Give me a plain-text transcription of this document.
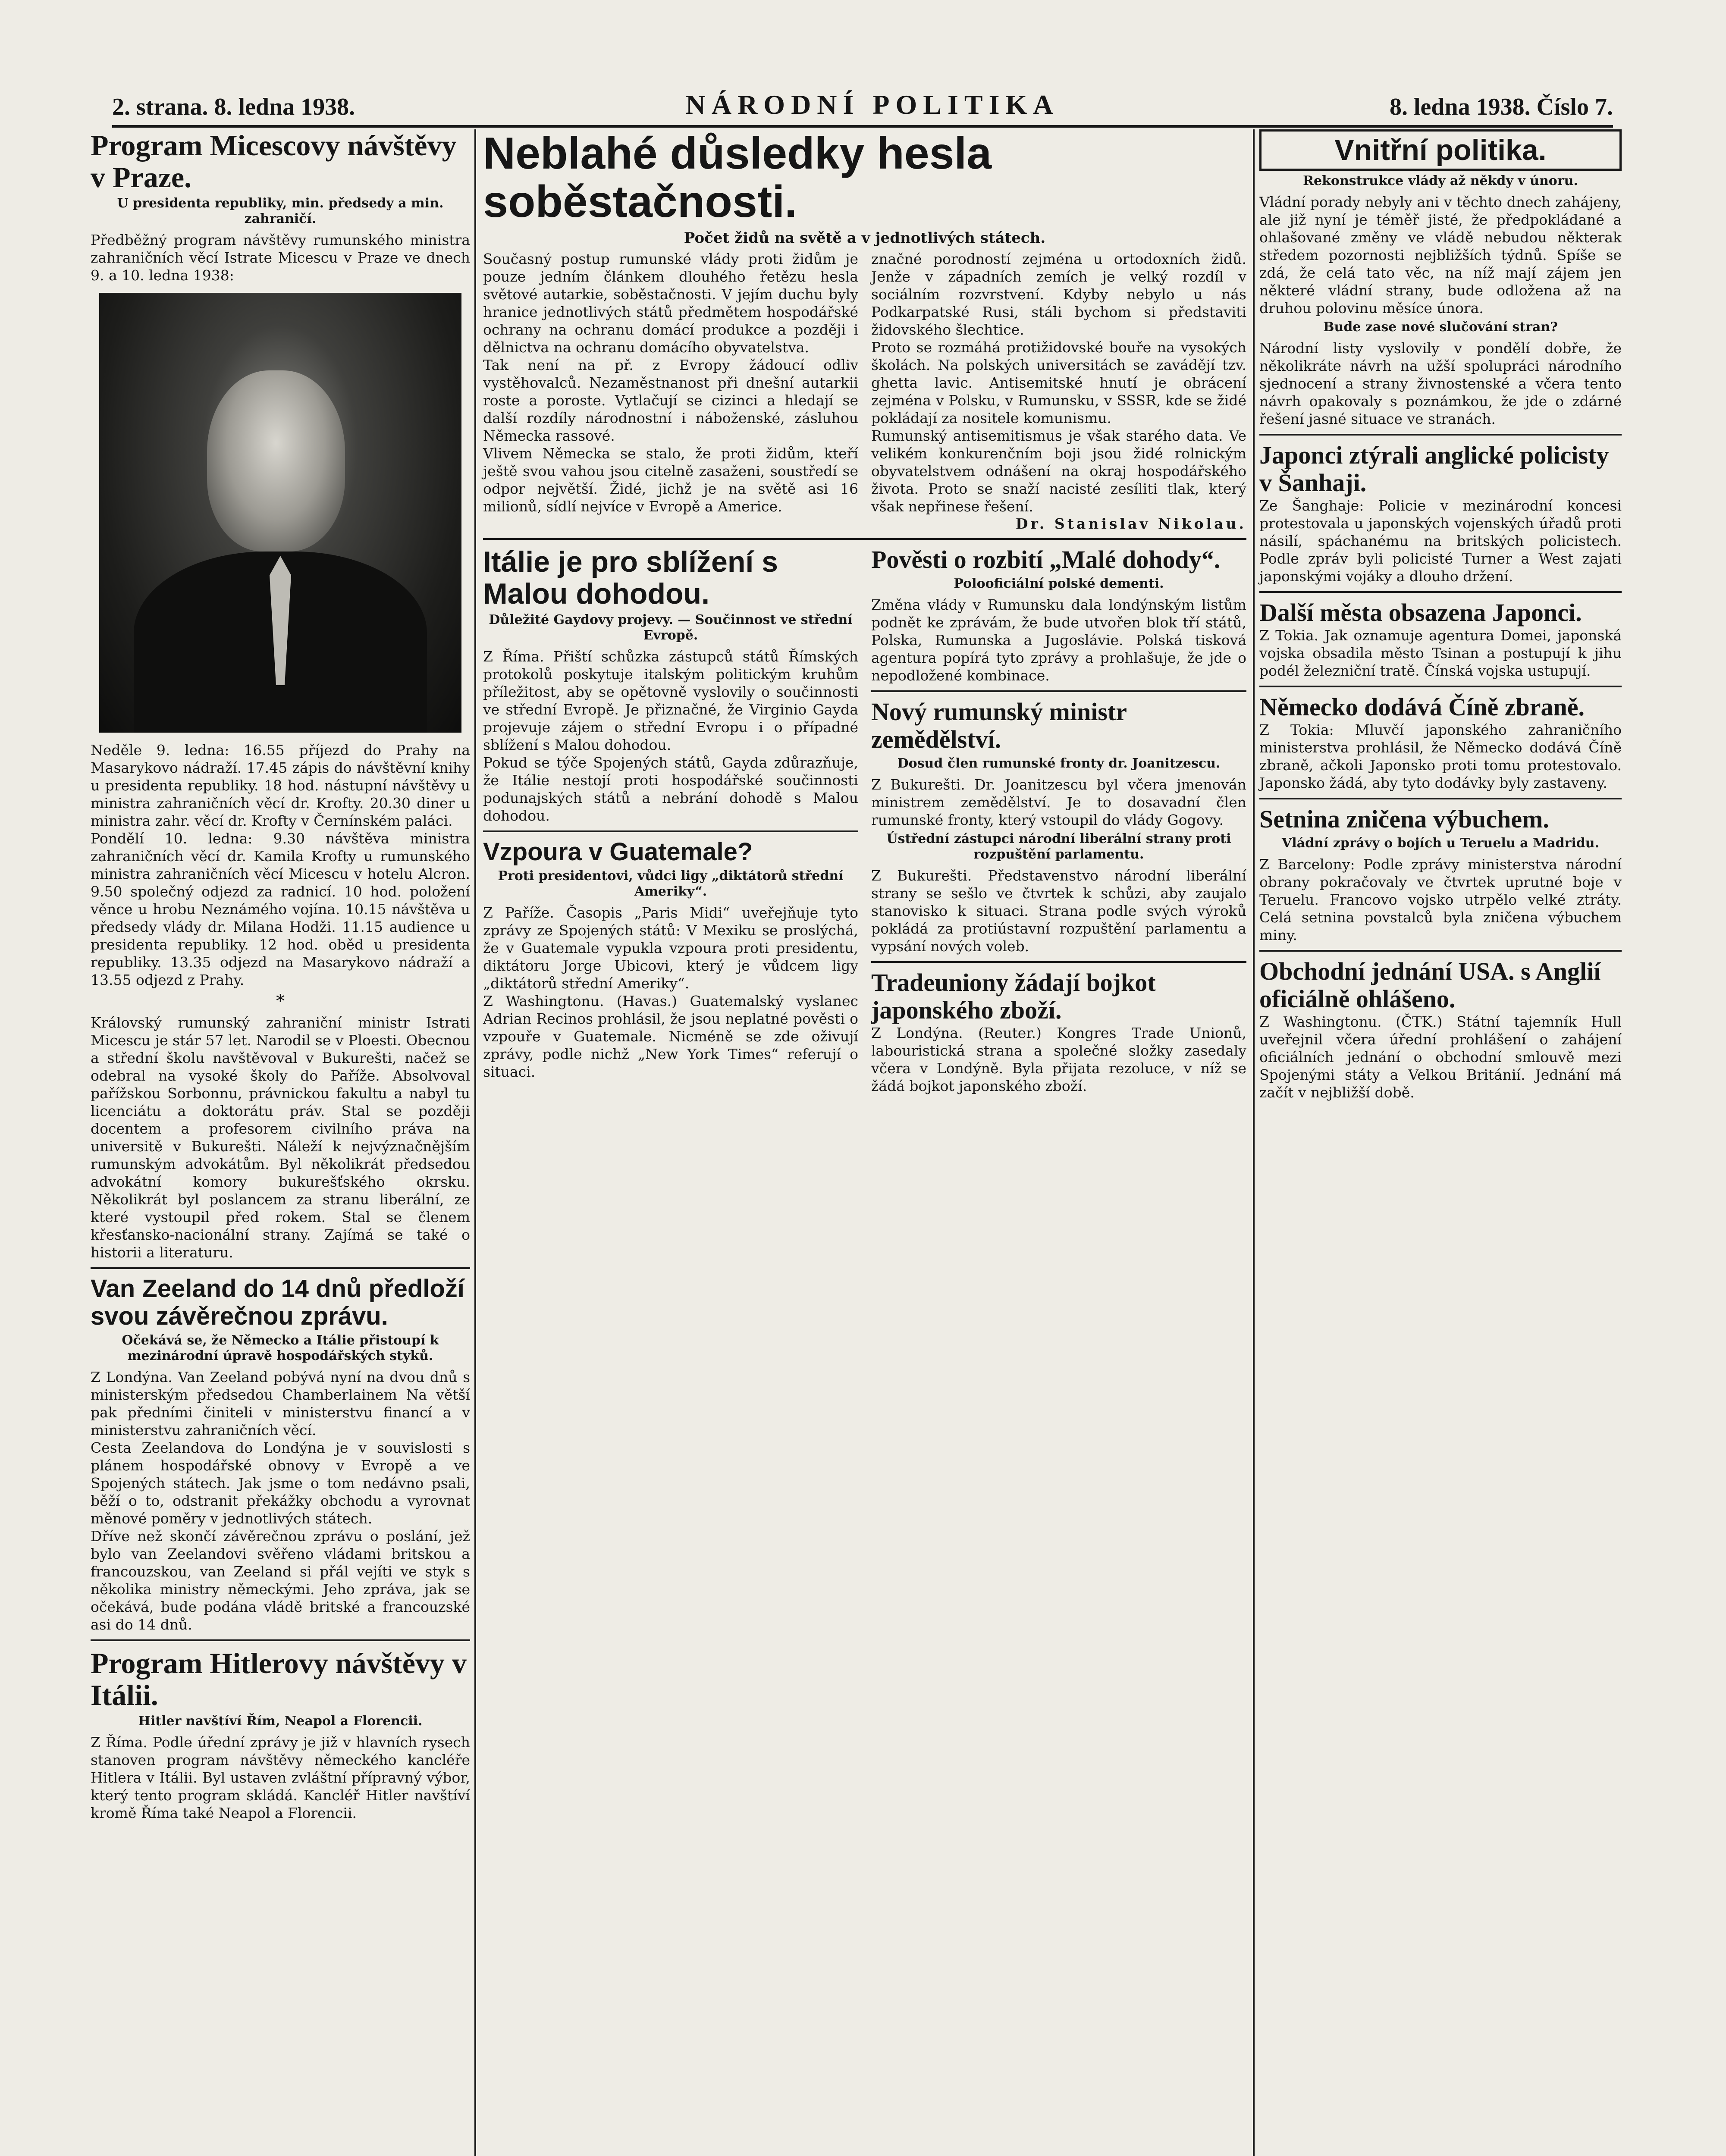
2. strana. 8. ledna 1938.	NÁRODNÍ POLITIKA	8. ledna 1938. Číslo 7.
Program Micescovy návštěvy v Praze.
U presidenta republiky, min. předsedy a min. zahraničí.

Předběžný program návštěvy rumunského ministra zahraničních věcí Istrate Micescu v Praze ve dnech 9. a 10. ledna 1938:

Neděle 9. ledna: 16.55 příjezd do Prahy na Masarykovo nádraží. 17.45 zápis do návštěvní knihy u presidenta republiky. 18 hod. nástupní návštěvy u ministra zahraničních věcí dr. Krofty. 20.30 diner u ministra zahr. věcí dr. Krofty v Černínském paláci.

Pondělí 10. ledna: 9.30 návštěva ministra zahraničních věcí dr. Kamila Krofty u rumunského ministra zahraničních věcí Micescu v hotelu Alcron. 9.50 společný odjezd za radnicí. 10 hod. položení věnce u hrobu Neznámého vojína. 10.15 návštěva u předsedy vlády dr. Milana Hodži. 11.15 audience u presidenta republiky. 12 hod. oběd u presidenta republiky. 13.35 odjezd na Masarykovo nádraží a 13.55 odjezd z Prahy.

*

Královský rumunský zahraniční ministr Istrati Micescu je stár 57 let. Narodil se v Ploesti. Obecnou a střední školu navštěvoval v Bukurešti, načež se odebral na vysoké školy do Paříže. Absolvoval pařížskou Sorbonnu, právnickou fakultu a nabyl tu licenciátu a doktorátu práv. Stal se později docentem a profesorem civilního práva na universitě v Bukurešti. Náleží k nejvýznačnějším rumunským advokátům. Byl několikrát předsedou advokátní komory bukurešťského okrsku. Několikrát byl poslancem za stranu liberální, ze které vystoupil před rokem. Stal se členem křesťansko-nacionální strany. Zajímá se také o historii a literaturu.

Van Zeeland do 14 dnů předloží svou závěrečnou zprávu.
Očekává se, že Německo a Itálie přistoupí k mezinárodní úpravě hospodářských styků.

Z Londýna. Van Zeeland pobývá nyní na dvou dnů s ministerským předsedou Chamberlainem Na větší pak předními činiteli v ministerstvu financí a v ministerstvu zahraničních věcí.

Cesta Zeelandova do Londýna je v souvislosti s plánem hospodářské obnovy v Evropě a ve Spojených státech. Jak jsme o tom nedávno psali, běží o to, odstranit překážky obchodu a vyrovnat měnové poměry v jednotlivých státech.

Dříve než skončí závěrečnou zprávu o poslání, jež bylo van Zeelandovi svěřeno vládami britskou a francouzskou, van Zeeland si přál vejíti ve styk s několika ministry německými. Jeho zpráva, jak se očekává, bude podána vládě britské a francouzské asi do 14 dnů.

Program Hitlerovy návštěvy v Itálii.
Hitler navštíví Řím, Neapol a Florencii.

Z Říma. Podle úřední zprávy je již v hlavních rysech stanoven program návštěvy německého kancléře Hitlera v Itálii. Byl ustaven zvláštní přípravný výbor, který tento program skládá. Kancléř Hitler navštíví kromě Říma také Neapol a Florencii.

Neblahé důsledky hesla soběstačnosti.
Počet židů na světě a v jednotlivých státech.

Současný postup rumunské vlády proti židům je pouze jedním článkem dlouhého řetězu hesla světové autarkie, soběstačnosti. V jejím duchu byly hranice jednotlivých států předmětem hospodářské ochrany na ochranu domácí produkce a později i dělnictva na ochranu domácího obyvatelstva.

Tak není na př. z Evropy žádoucí odliv vystěhovalců. Nezaměstnanost při dnešní autarkii roste a poroste. Vytlačují se cizinci a hledají se další rozdíly národnostní i náboženské, zásluhou Německa rassové.

Vlivem Německa se stalo, že proti židům, kteří ještě svou vahou jsou citelně zasaženi, soustředí se odpor největší. Židé, jichž je na světě asi 16 milionů, sídlí nejvíce v Evropě a Americe.

značné porodností zejména u ortodoxních židů. Jenže v západních zemích je velký rozdíl v sociálním rozvrstvení. Kdyby nebylo u nás Podkarpatské Rusi, stáli bychom si představiti židovského šlechtice.

Proto se rozmáhá protižidovské bouře na vysokých školách. Na polských universitách se zavádějí tzv. ghetta lavic. Antisemitské hnutí je obrácení zejména v Polsku, v Rumunsku, v SSSR, kde se židé pokládají za nositele komunismu.

Rumunský antisemitismus je však starého data. Ve velikém konkurenčním boji jsou židé rolnickým obyvatelstvem odnášení na okraj hospodářského života. Proto se snaží nacisté zesíliti tlak, který však nepřinese řešení.

Dr. Stanislav Nikolau.
Itálie je pro sblížení s Malou dohodou.
Důležité Gaydovy projevy. — Součinnost ve střední Evropě.

Z Říma. Přiští schůzka zástupců států Římských protokolů poskytuje italským politickým kruhům příležitost, aby se opětovně vyslovily o součinnosti ve střední Evropě. Je přiznačné, že Virginio Gayda projevuje zájem o střední Evropu i o případné sblížení s Malou dohodou.

Pokud se týče Spojených států, Gayda zdůrazňuje, že Itálie nestojí proti hospodářské součinnosti podunajských států a nebrání dohodě s Malou dohodou.

Vzpoura v Guatemale?
Proti presidentovi, vůdci ligy „diktátorů střední Ameriky“.

Z Paříže. Časopis „Paris Midi“ uveřejňuje tyto zprávy ze Spojených států: V Mexiku se proslýchá, že v Guatemale vypukla vzpoura proti presidentu, diktátoru Jorge Ubicovi, který je vůdcem ligy „diktátorů střední Ameriky“.

Z Washingtonu. (Havas.) Guatemalský vyslanec Adrian Recinos prohlásil, že jsou neplatné pověsti o vzpouře v Guatemale. Nicméně se zde oživují zprávy, podle nichž „New York Times“ referují o situaci.

Pověsti o rozbití „Malé dohody“.
Polooficiální polské dementi.

Změna vlády v Rumunsku dala londýnským listům podnět ke zprávám, že bude utvořen blok tří států, Polska, Rumunska a Jugoslávie. Polská tisková agentura popírá tyto zprávy a prohlašuje, že jde o nepodložené kombinace.

Nový rumunský ministr zemědělství.
Dosud člen rumunské fronty dr. Joanitzescu.

Z Bukurešti. Dr. Joanitzescu byl včera jmenován ministrem zemědělství. Je to dosavadní člen rumunské fronty, který vstoupil do vlády Gogovy.

Ústřední zástupci národní liberální strany proti rozpuštění parlamentu.

Z Bukurešti. Představenstvo národní liberální strany se sešlo ve čtvrtek k schůzi, aby zaujalo stanovisko k situaci. Strana podle svých výroků pokládá za protiústavní rozpuštění parlamentu a vypsání nových voleb.

Tradeuniony žádají bojkot japonského zboží.

Z Londýna. (Reuter.) Kongres Trade Unionů, labouristická strana a společné složky zasedaly včera v Londýně. Byla přijata rezoluce, v níž se žádá bojkot japonského zboží.

Vnitřní politika.
Rekonstrukce vlády až někdy v únoru.

Vládní porady nebyly ani v těchto dnech zahájeny, ale již nyní je téměř jisté, že předpokládané a ohlašované změny ve vládě nebudou některak středem pozornosti nejbližších týdnů. Spíše se zdá, že celá tato věc, na níž mají zájem jen některé vládní strany, bude odložena až na druhou polovinu měsíce února.

Bude zase nové slučování stran?

Národní listy vyslovily v pondělí dobře, že několikráte návrh na užší spolupráci národního sjednocení a strany živnostenské a včera tento návrh opakovaly s poznámkou, že jde o zdárné řešení jasné situace ve stranách.

Japonci ztýrali anglické policisty v Šanhaji.

Ze Šanghaje: Policie v mezinárodní koncesi protestovala u japonských vojenských úřadů proti násilí, spáchanému na britských policistech. Podle zpráv byli policisté Turner a West zajati japonskými vojáky a dlouho držení.

Další města obsazena Japonci.

Z Tokia. Jak oznamuje agentura Domei, japonská vojska obsadila město Tsinan a postupují k jihu podél železniční tratě. Čínská vojska ustupují.

Německo dodává Číně zbraně.

Z Tokia: Mluvčí japonského zahraničního ministerstva prohlásil, že Německo dodává Číně zbraně, ačkoli Japonsko proti tomu protestovalo. Japonsko žádá, aby tyto dodávky byly zastaveny.

Setnina zničena výbuchem.
Vládní zprávy o bojích u Teruelu a Madridu.

Z Barcelony: Podle zprávy ministerstva národní obrany pokračovaly ve čtvrtek uprutné boje v Teruelu. Francovo vojsko utrpělo velké ztráty. Celá setnina povstalců byla zničena výbuchem miny.

Obchodní jednání USA. s Anglií oficiálně ohlášeno.

Z Washingtonu. (ČTK.) Státní tajemník Hull uveřejnil včera úřední prohlášení o zahájení oficiálních jednání o obchodní smlouvě mezi Spojenými státy a Velkou Británií. Jednání má začít v nejbližší době.
